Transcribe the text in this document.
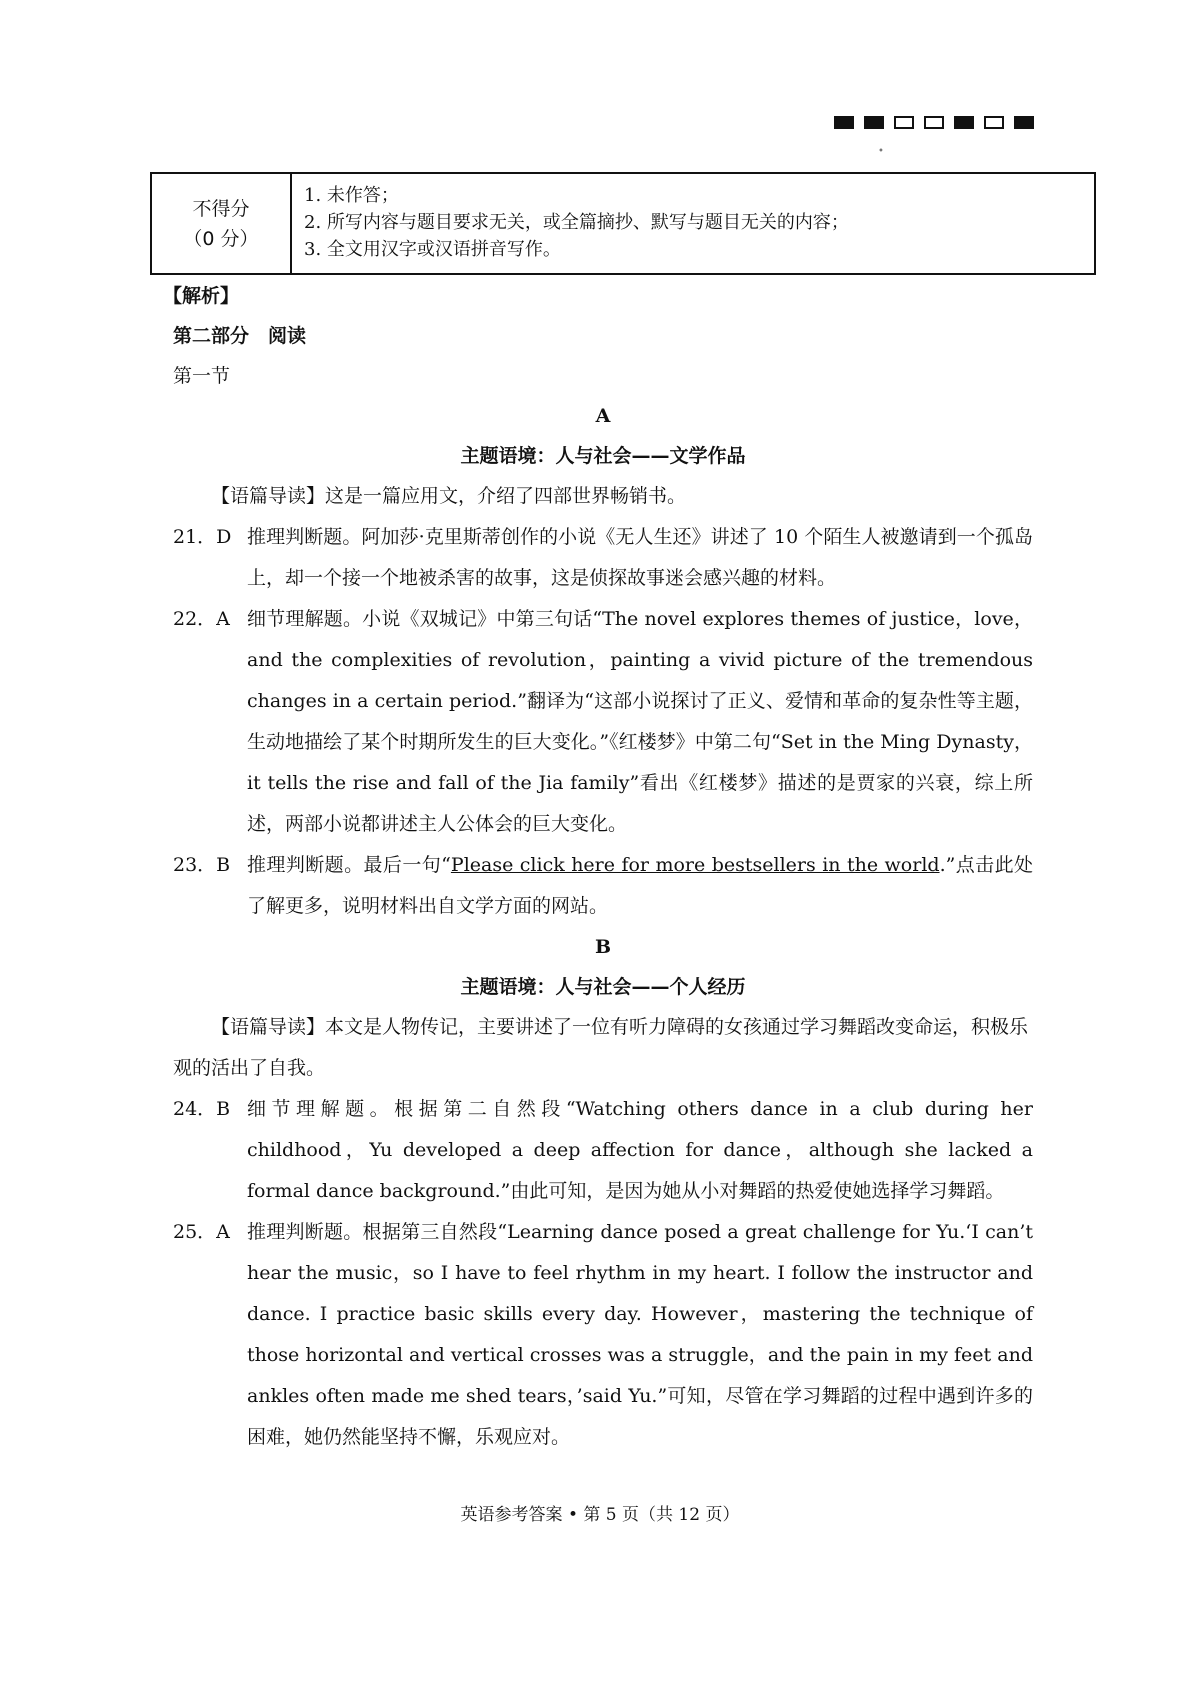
•
不得分
（0 分）
1. 未作答；
2. 所写内容与题目要求无关，或全篇摘抄、默写与题目无关的内容；
3. 全文用汉字或汉语拼音写作。
【解析】
第二部分　阅读
第一节
A
主题语境：人与社会——文学作品
【语篇导读】这是一篇应用文，介绍了四部世界畅销书。
21．D 推理判断题。阿加莎·克里斯蒂创作的小说《无人生还》讲述了 10 个陌生人被邀请到一个孤岛上，却一个接一个地被杀害的故事，这是侦探故事迷会感兴趣的材料。
22．A 细节理解题。小说《双城记》中第三句话“The novel explores themes of justice，love，and the complexities of revolution，painting a vivid picture of the tremendous changes in a certain period.”翻译为“这部小说探讨了正义、爱情和革命的复杂性等主题，生动地描绘了某个时期所发生的巨大变化。”《红楼梦》中第二句“Set in the Ming Dynasty，it tells the rise and fall of the Jia family”看出《红楼梦》描述的是贾家的兴衰，综上所述，两部小说都讲述主人公体会的巨大变化。
23．B 推理判断题。最后一句“Please click here for more bestsellers in the world.”点击此处了解更多，说明材料出自文学方面的网站。
B
主题语境：人与社会——个人经历
【语篇导读】本文是人物传记，主要讲述了一位有听力障碍的女孩通过学习舞蹈改变命运，积极乐观的活出了自我。
24．B 细节理解题。根据第二自然段“Watching others dance in a club during her childhood，Yu developed a deep affection for dance，although she lacked a formal dance background.”由此可知，是因为她从小对舞蹈的热爱使她选择学习舞蹈。
25．A 推理判断题。根据第三自然段“Learning dance posed a great challenge for Yu.‘I can’t hear the music，so I have to feel rhythm in my heart. I follow the instructor and dance. I practice basic skills every day. However，mastering the technique of those horizontal and vertical crosses was a struggle，and the pain in my feet and ankles often made me shed tears，’said Yu.”可知，尽管在学习舞蹈的过程中遇到许多的困难，她仍然能坚持不懈，乐观应对。
英语参考答案 • 第 5 页（共 12 页）
